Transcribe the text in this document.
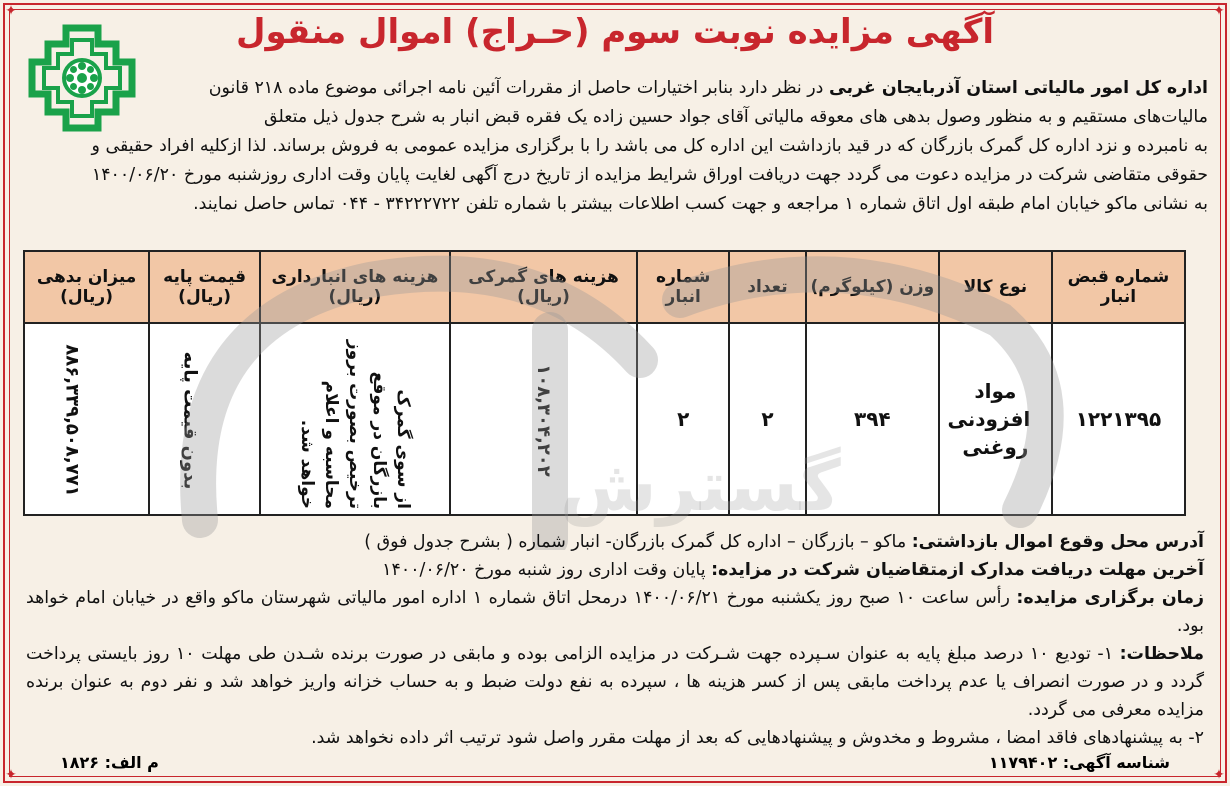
✦	✦
✦	✦
آگهی مزایده نوبت سوم (حـراج) اموال منقول
اداره کل امور مالیاتی استان آذربایجان غربی در نظر دارد بنابر اختیارات حاصل از مقررات آئین نامه اجرائی موضوع ماده ۲۱۸ قانون
مالیات‌های مستقیم و به منظور وصول بدهی های معوقه مالیاتی آقای جواد حسین زاده یک فقره قبض انبار به شرح جدول ذیل متعلق
به نامبرده و نزد اداره کل گمرک بازرگان که در قید بازداشت این اداره کل می باشد را با برگزاری مزایده عمومی به فروش برساند. لذا ازکلیه افراد حقیقی و
حقوقی متقاضی شرکت در مزایده دعوت می گردد جهت دریافت اوراق شرایط مزایده از تاریخ درج آگهی لغایت پایان وقت اداری روزشنبه مورخ ۱۴۰۰/۰۶/۲۰
به نشانی ماکو خیابان امام طبقه اول اتاق شماره ۱ مراجعه و جهت کسب اطلاعات بیشتر با شماره تلفن ۳۴۲۲۲۷۲۲ - ۰۴۴ تماس حاصل نمایند.
شماره قبض انبار	نوع کالا	وزن (کیلوگرم)	تعداد	شماره انبار	هزینه های گمرکی (ریال)	هزینه های انبارداری (ریال)	قیمت پایه (ریال)	میزان بدهی (ریال)
۱۲۲۱۳۹۵	مواد افزودنی روغنی	۳۹۴	۲	۲	۱۰۸,۳۰۴,۲۰۲	از سوی گمرک بازرگان در موقع ترخیص بصورت بروز محاسبه و اعلام خواهد شد.	بدون قیمت پایه	۸۸۶,۳۳۹,۵۰۸,۷۷۱	گسترش

آدرس محل وقوع اموال بازداشتی: ماکو – بازرگان – اداره کل گمرک بازرگان- انبار شماره ( بشرح جدول فوق )

آخرین مهلت دریافت مدارک ازمتقاضیان شرکت در مزایده: پایان وقت اداری روز شنبه مورخ ۱۴۰۰/۰۶/۲۰

زمان برگزاری مزایده: رأس ساعت ۱۰ صبح روز یکشنبه مورخ ۱۴۰۰/۰۶/۲۱ درمحل اتاق شماره ۱ اداره امور مالیاتی شهرستان ماکو واقع در خیابان امام خواهد بود.

ملاحظات: ۱- تودیع ۱۰ درصد مبلغ پایه به عنوان سـپرده جهت شـرکت در مزایده الزامی بوده و مابقی در صورت برنده شـدن طی مهلت ۱۰ روز بایستی پرداخت گردد و در صورت انصراف یا عدم پرداخت مابقی پس از کسر هزینه ها ، سپرده به نفع دولت ضبط و به حساب خزانه واریز خواهد شد و نفر دوم به عنوان برنده مزایده معرفی می گردد.

۲- به پیشنهادهای فاقد امضا ، مشروط و مخدوش و پیشنهادهایی که بعد از مهلت مقرر واصل شود ترتیب اثر داده نخواهد شد.

شناسه آگهی: ۱۱۷۹۴۰۲
م الف: ۱۸۲۶
